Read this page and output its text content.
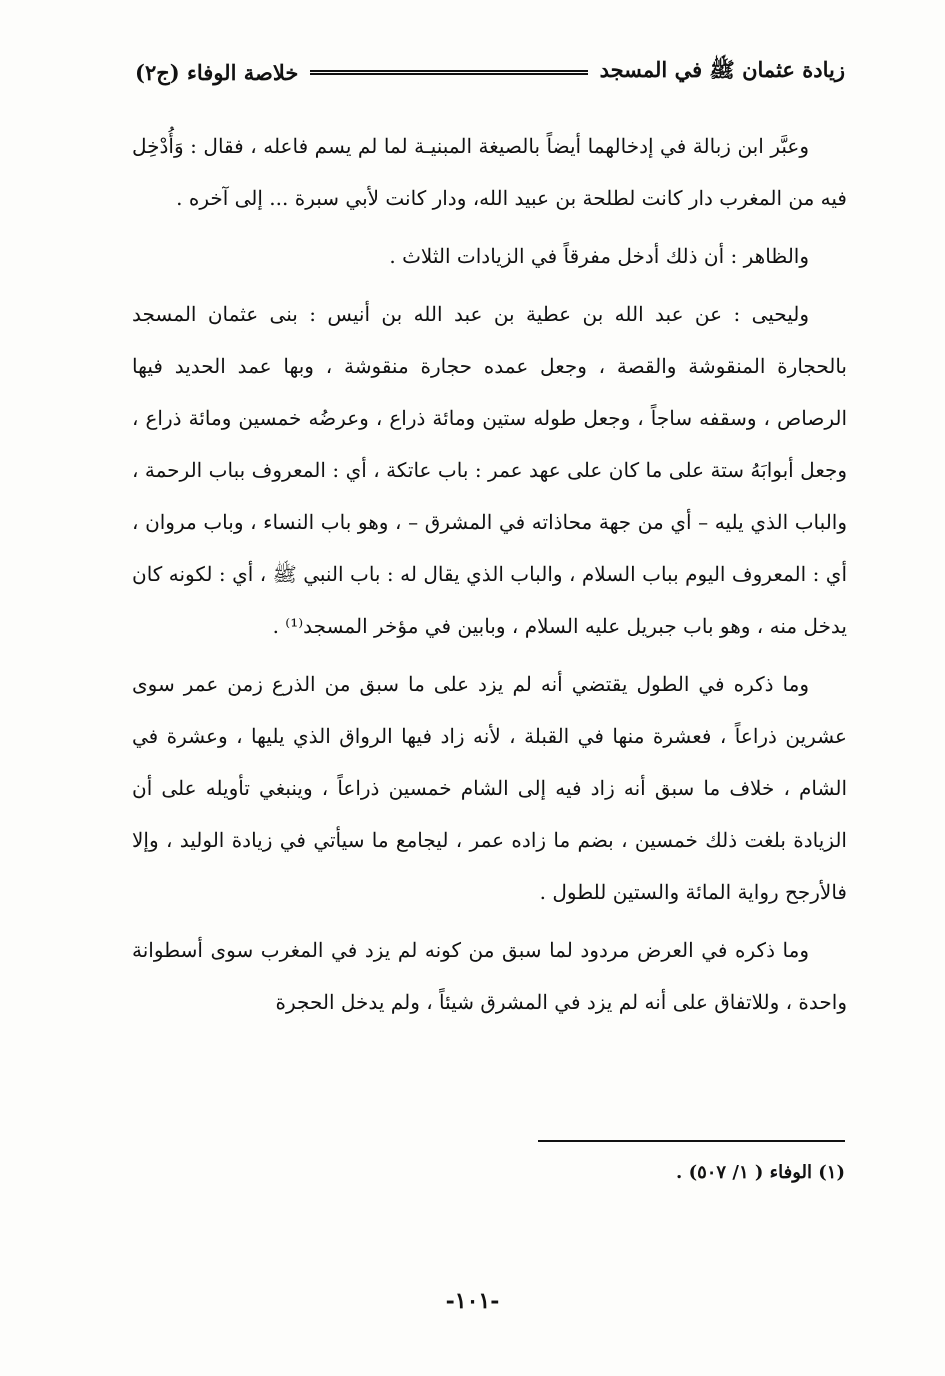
زيادة عثمان ﷺ في المسجد
خلاصة الوفاء (ج٢)

وعبَّر ابن زبالة في إدخالهما أيضاً بالصيغة المبنيـة لما لم يسم فاعله ، فقال : وَأُدْخِل فيه من المغرب دار كانت لطلحة بن عبيد الله، ودار كانت لأبي سبرة ... إلى آخره .

والظاهر : أن ذلك أدخل مفرقاً في الزيادات الثلاث .

وليحيى : عن عبد الله بن عطية بن عبد الله بن أنيس : بنى عثمان المسجد بالحجارة المنقوشة والقصة ، وجعل عمده حجارة منقوشة ، وبها عمد الحديد فيها الرصاص ، وسقفه ساجاً ، وجعل طوله ستين ومائة ذراع ، وعرضُه خمسين ومائة ذراع ، وجعل أبوابَهُ ستة على ما كان على عهد عمر : باب عاتكة ، أي : المعروف بباب الرحمة ، والباب الذي يليه – أي من جهة محاذاته في المشرق – ، وهو باب النساء ، وباب مروان ، أي : المعروف اليوم بباب السلام ، والباب الذي يقال له : باب النبي ﷺ ، أي : لكونه كان يدخل منه ، وهو باب جبريل عليه السلام ، وبابين في مؤخر المسجد⁽¹⁾ .

وما ذكره في الطول يقتضي أنه لم يزد على ما سبق من الذرع زمن عمر سوى عشرين ذراعاً ، فعشرة منها في القبلة ، لأنه زاد فيها الرواق الذي يليها ، وعشرة في الشام ، خلاف ما سبق أنه زاد فيه إلى الشام خمسين ذراعاً ، وينبغي تأويله على أن الزيادة بلغت ذلك خمسين ، بضم ما زاده عمر ، ليجامع ما سيأتي في زيادة الوليد ، وإلا فالأرجح رواية المائة والستين للطول .

وما ذكره في العرض مردود لما سبق من كونه لم يزد في المغرب سوى أسطوانة واحدة ، وللاتفاق على أنه لم يزد في المشرق شيئاً ، ولم يدخل الحجرة

(١) الوفاء ( ١/ ٥٠٧) .
-١٠١-
